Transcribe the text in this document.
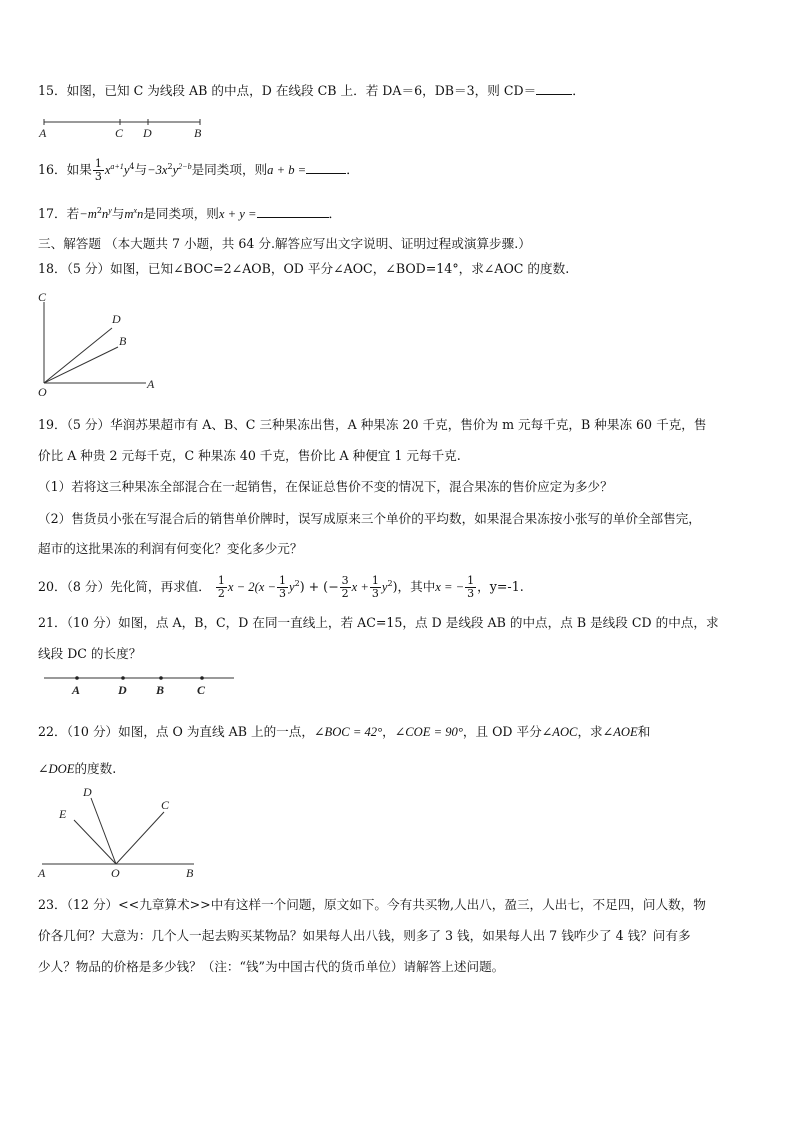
15．如图，已知 C 为线段 AB 的中点，D 在线段 CB 上．若 DA＝6，DB＝3，则 CD＝	．
A	C D	B
16．如果 $\frac{1}{3} x^{a+1}y^4$与$-3x^2y^{2-b}$是同类项，则a + b =	．
17．若$-m^2n^y$与$m^xn$是同类项，则x + y =	．
三、解答题 （本大题共 7 小题，共 64 分.解答应写出文字说明、证明过程或演算步骤.）
18．（5 分）如图，已知∠BOC=2∠AOB，OD 平分∠AOC，∠BOD=14°，求∠AOC 的度数.
C
D
B
O
A
19．（5 分）华润苏果超市有 A、B、C 三种果冻出售，A 种果冻 20 千克，售价为 m 元每千克，B 种果冻 60 千克，售
价比 A 种贵 2 元每千克，C 种果冻 40 千克，售价比 A 种便宜 1 元每千克.
（1）若将这三种果冻全部混合在一起销售，在保证总售价不变的情况下，混合果冻的售价应定为多少？
（2）售货员小张在写混合后的销售单价牌时，误写成原来三个单价的平均数，如果混合果冻按小张写的单价全部售完，
超市的这批果冻的利润有何变化？变化多少元？
20．（8 分）先化简，再求值． $\frac{1}{2}$ $x - 2(x - \frac{1}{3} y^2)$ + (− $\frac{3}{2}$ $x + \frac{1}{3} y^2$)，其中x = − $\frac{1}{3}$ ，y=-1.
21．（10 分）如图，点 A，B，C，D 在同一直线上，若 AC=15，点 D 是线段 AB 的中点，点 B 是线段 CD 的中点，求
线段 DC 的长度？
A	D B	C
22．（10 分）如图，点 O 为直线 AB 上的一点，∠BOC = 42°，∠COE = 90°，且 OD 平分∠AOC，求∠AOE和
∠DOE的度数.
D
C
E
A	O	B
23．（12 分）<<九章算术>>中有这样一个问题，原文如下。今有共买物,人出八，盈三，人出七，不足四，问人数，物
价各几何？大意为：几个人一起去购买某物品？如果每人出八钱，则多了 3 钱，如果每人出 7 钱咋少了 4 钱？问有多
少人？物品的价格是多少钱？（注：“钱”为中国古代的货币单位）请解答上述问题。
